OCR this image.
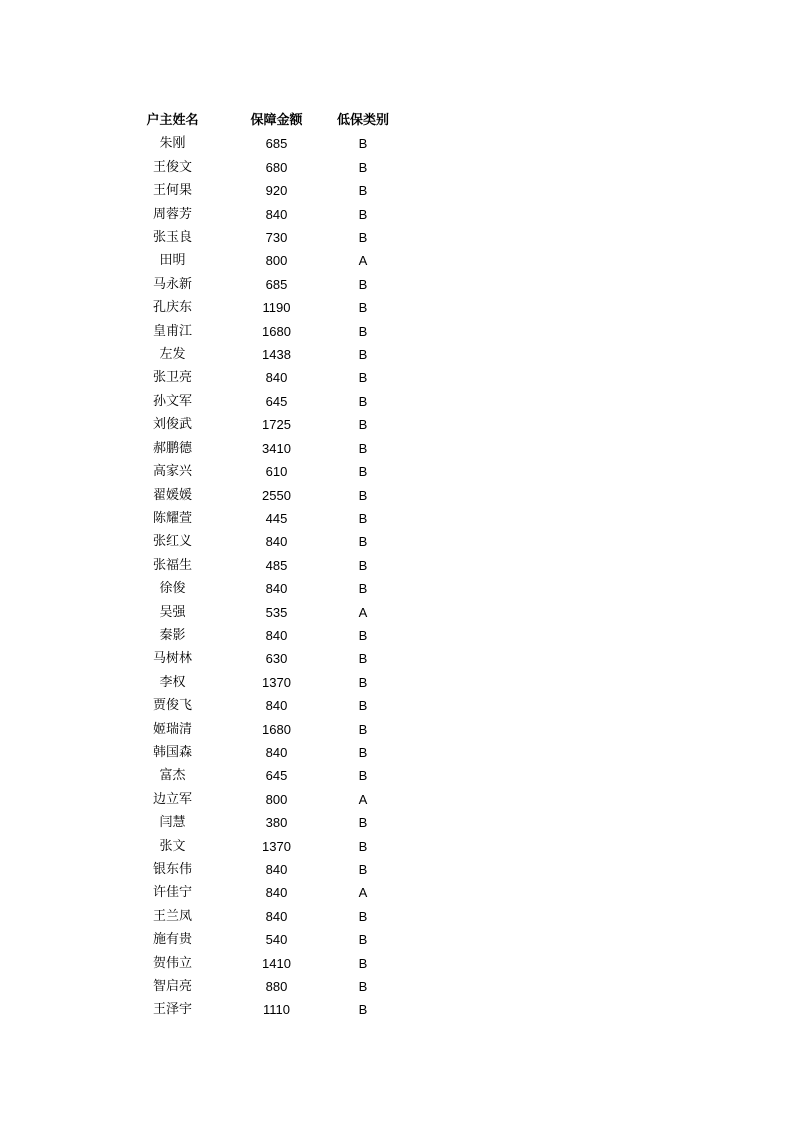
户主姓名	保障金额	低保类别
朱刚	685	B
王俊文	680	B
王何果	920	B
周蓉芳	840	B
张玉良	730	B
田明	800	A
马永新	685	B
孔庆东	1190	B
皇甫江	1680	B
左发	1438	B
张卫亮	840	B
孙文军	645	B
刘俊武	1725	B
郝鹏德	3410	B
高家兴	610	B
翟媛媛	2550	B
陈耀萱	445	B
张红义	840	B
张福生	485	B
徐俊	840	B
吴强	535	A
秦影	840	B
马树林	630	B
李权	1370	B
贾俊飞	840	B
姬瑞清	1680	B
韩国森	840	B
富杰	645	B
边立军	800	A
闫慧	380	B
张文	1370	B
银东伟	840	B
许佳宁	840	A
王兰凤	840	B
施有贵	540	B
贺伟立	1410	B
智启亮	880	B
王泽宇	1110	B
